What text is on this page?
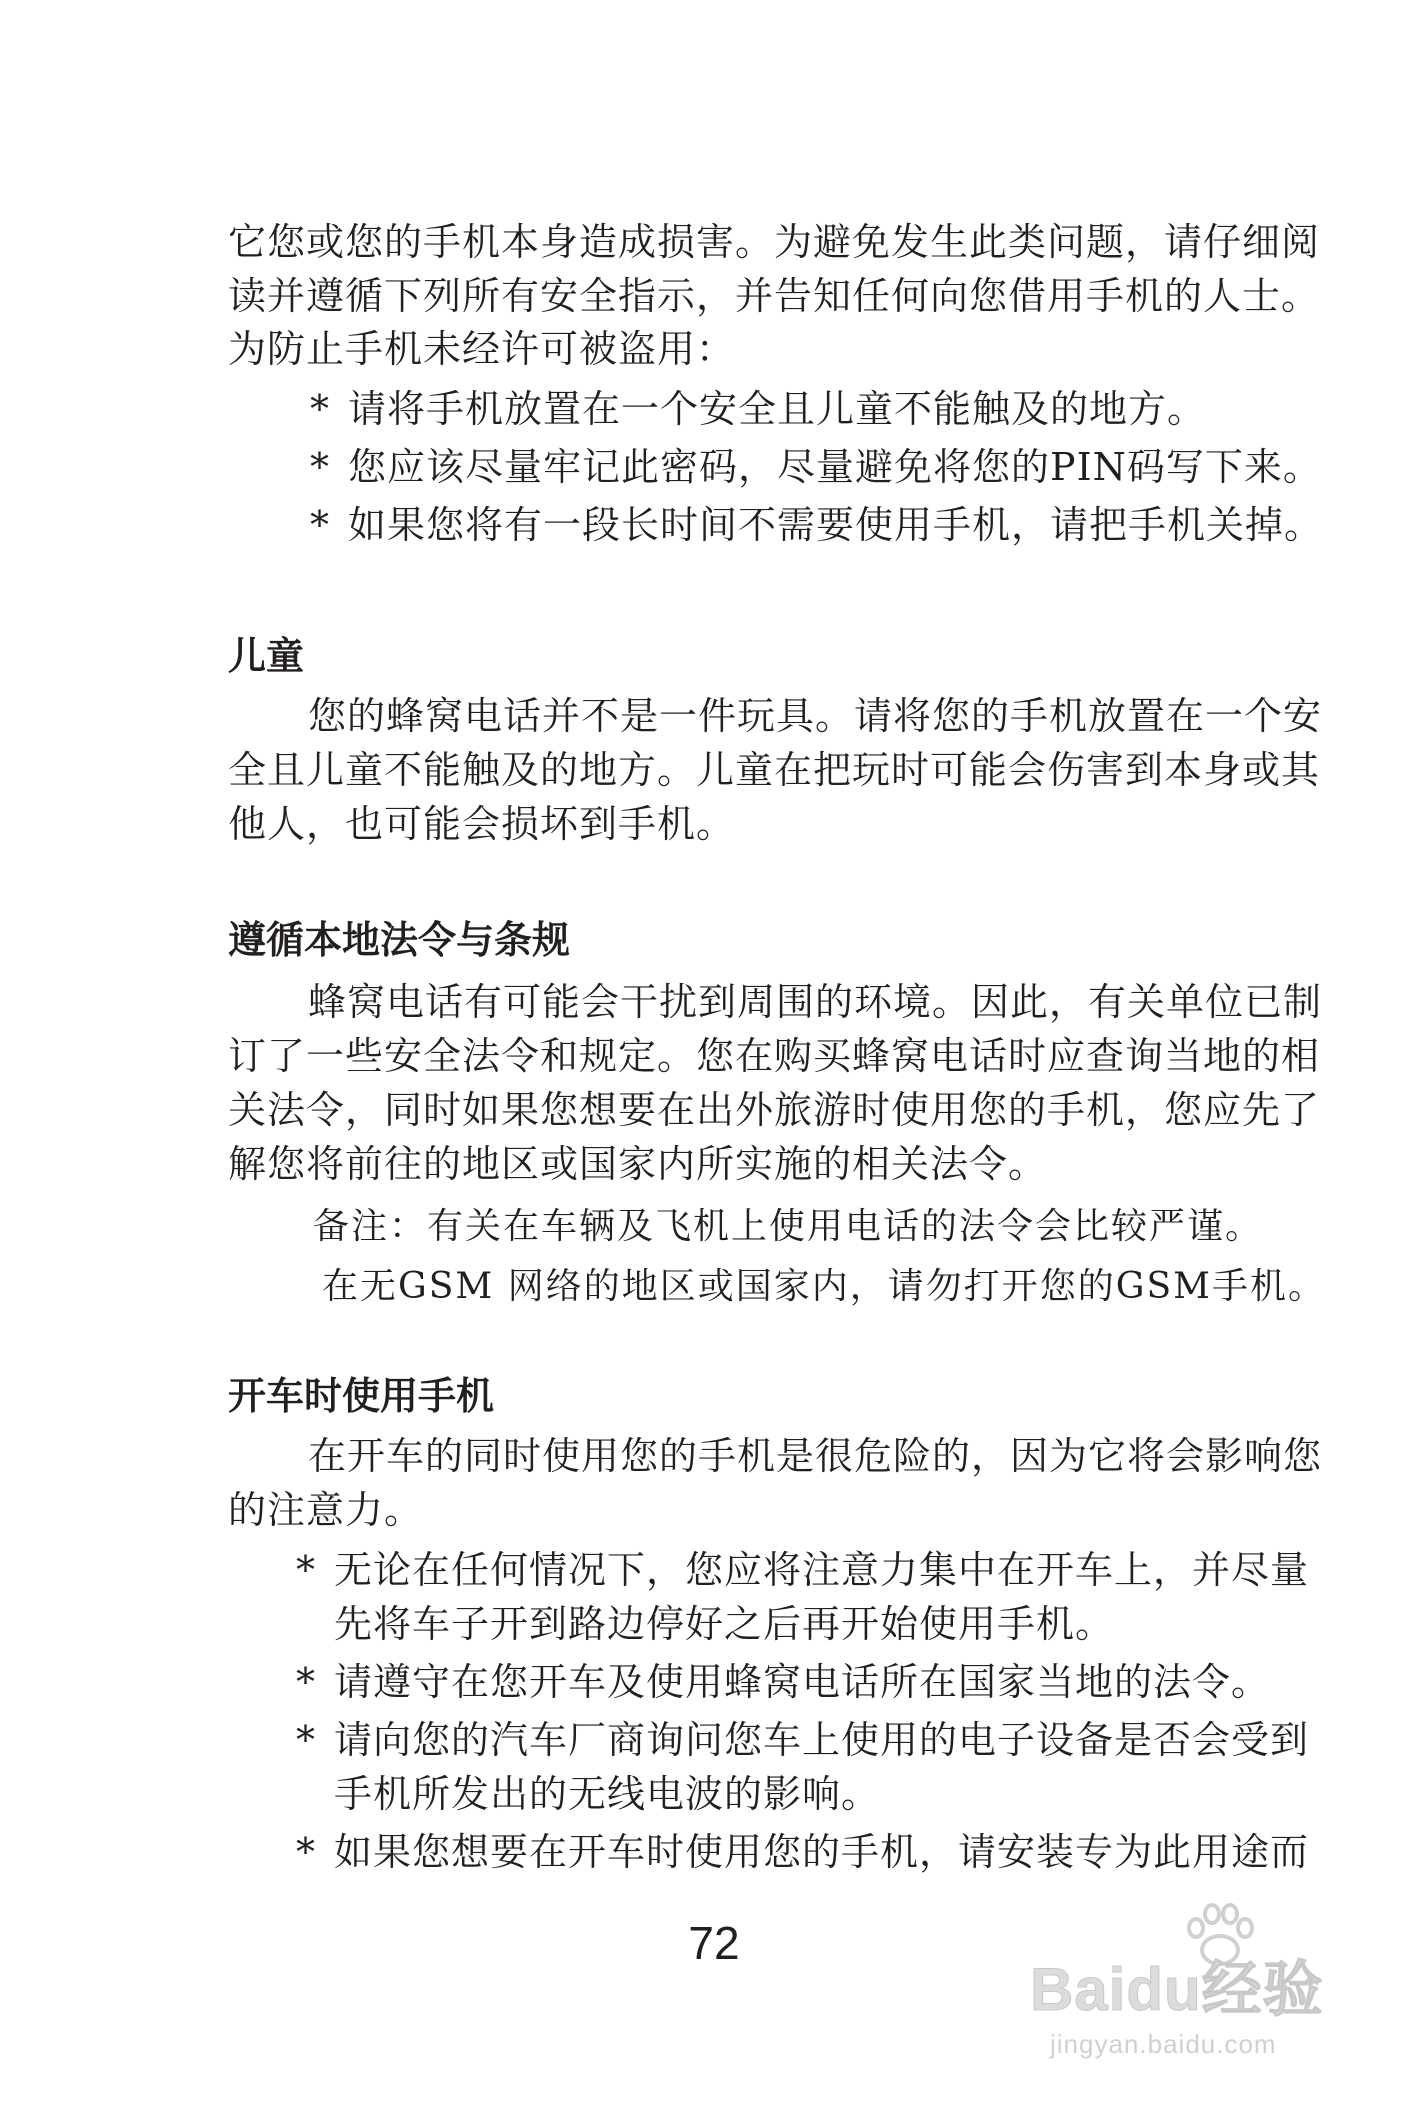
它您或您的手机本身造成损害。为避免发生此类问题，请仔细阅
读并遵循下列所有安全指示，并告知任何向您借用手机的人士。
为防止手机未经许可被盗用：
* 请将手机放置在一个安全且儿童不能触及的地方。
* 您应该尽量牢记此密码，尽量避免将您的PIN码写下来。
* 如果您将有一段长时间不需要使用手机，请把手机关掉。
儿童
您的蜂窝电话并不是一件玩具。请将您的手机放置在一个安
全且儿童不能触及的地方。儿童在把玩时可能会伤害到本身或其
他人，也可能会损坏到手机。
遵循本地法令与条规
蜂窝电话有可能会干扰到周围的环境。因此，有关单位已制
订了一些安全法令和规定。您在购买蜂窝电话时应查询当地的相
关法令，同时如果您想要在出外旅游时使用您的手机，您应先了
解您将前往的地区或国家内所实施的相关法令。
备注：有关在车辆及飞机上使用电话的法令会比较严谨。
在无GSM 网络的地区或国家内，请勿打开您的GSM手机。
开车时使用手机
在开车的同时使用您的手机是很危险的，因为它将会影响您
的注意力。
* 无论在任何情况下，您应将注意力集中在开车上，并尽量
先将车子开到路边停好之后再开始使用手机。
* 请遵守在您开车及使用蜂窝电话所在国家当地的法令。
* 请向您的汽车厂商询问您车上使用的电子设备是否会受到
手机所发出的无线电波的影响。
* 如果您想要在开车时使用您的手机，请安装专为此用途而
72
Baidu经验
jingyan.baidu.com
